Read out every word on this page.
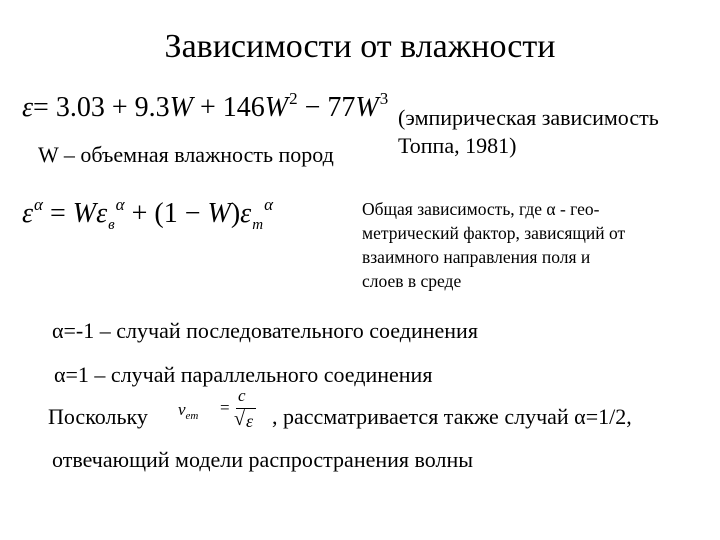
Зависимости от влажности
$\varepsilon= 3.03 + 9.3W + 146W^2 - 77W^3$
(эмпирическая зависимость
Топпа, 1981)
W – объемная влажность пород
$\varepsilon^\alpha = W\varepsilon_в^\alpha + (1 - W)\varepsilon_m^\alpha$	Общая зависимость, где α - гео-
метрический фактор, зависящий от
взаимного направления поля и
слоев в среде
α=-1 – случай последовательного соединения
α=1 – случай параллельного соединения
Поскольку $v_{em}$ =
c
√ ε , рассматривается также случай α=1/2,
отвечающий модели распространения волны
